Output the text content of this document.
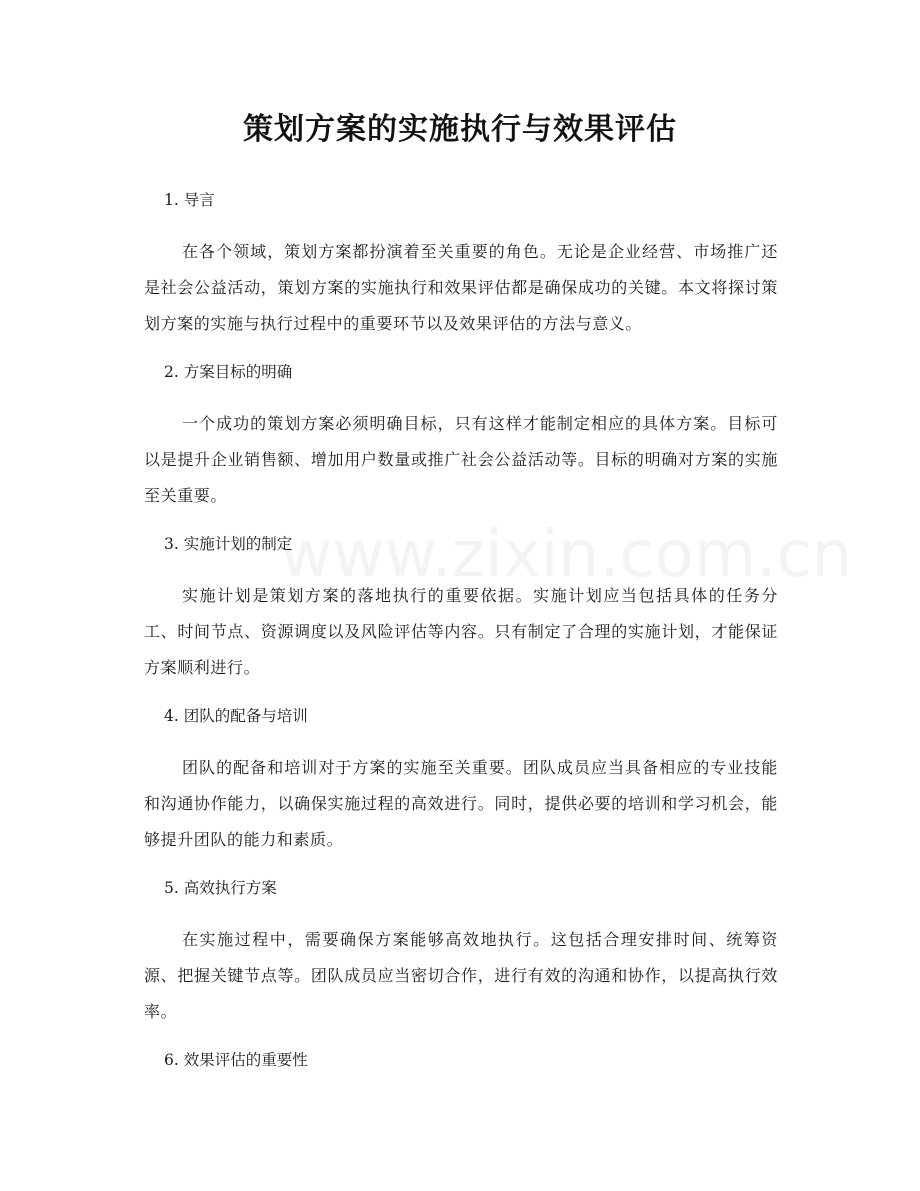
策划方案的实施执行与效果评估
www.zixin.com.cn

1. 导言

在各个领域，策划方案都扮演着至关重要的角色。无论是企业经营、市场推广还是社会公益活动，策划方案的实施执行和效果评估都是确保成功的关键。本文将探讨策划方案的实施与执行过程中的重要环节以及效果评估的方法与意义。

2. 方案目标的明确

一个成功的策划方案必须明确目标，只有这样才能制定相应的具体方案。目标可以是提升企业销售额、增加用户数量或推广社会公益活动等。目标的明确对方案的实施至关重要。

3. 实施计划的制定

实施计划是策划方案的落地执行的重要依据。实施计划应当包括具体的任务分工、时间节点、资源调度以及风险评估等内容。只有制定了合理的实施计划，才能保证方案顺利进行。

4. 团队的配备与培训

团队的配备和培训对于方案的实施至关重要。团队成员应当具备相应的专业技能和沟通协作能力，以确保实施过程的高效进行。同时，提供必要的培训和学习机会，能够提升团队的能力和素质。

5. 高效执行方案

在实施过程中，需要确保方案能够高效地执行。这包括合理安排时间、统筹资源、把握关键节点等。团队成员应当密切合作，进行有效的沟通和协作，以提高执行效率。

6. 效果评估的重要性
